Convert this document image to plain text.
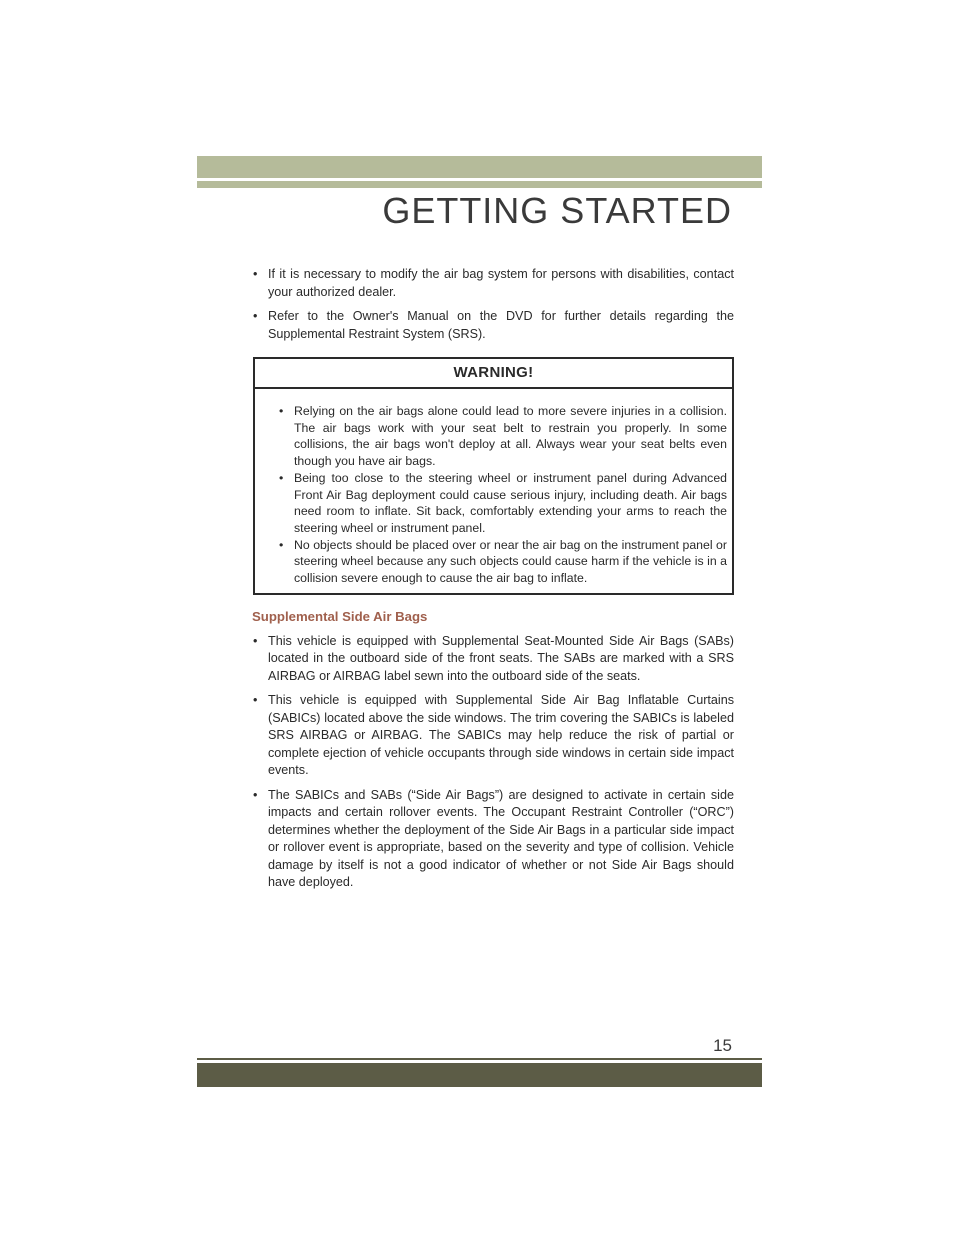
GETTING STARTED
• If it is necessary to modify the air bag system for persons with disabilities, contact your authorized dealer.
• Refer to the Owner's Manual on the DVD for further details regarding the Supplemental Restraint System (SRS).
WARNING!
• Relying on the air bags alone could lead to more severe injuries in a collision. The air bags work with your seat belt to restrain you properly. In some collisions, the air bags won't deploy at all. Always wear your seat belts even though you have air bags.
• Being too close to the steering wheel or instrument panel during Advanced Front Air Bag deployment could cause serious injury, including death. Air bags need room to inflate. Sit back, comfortably extending your arms to reach the steering wheel or instrument panel.
• No objects should be placed over or near the air bag on the instrument panel or steering wheel because any such objects could cause harm if the vehicle is in a collision severe enough to cause the air bag to inflate.
Supplemental Side Air Bags
• This vehicle is equipped with Supplemental Seat-Mounted Side Air Bags (SABs) located in the outboard side of the front seats. The SABs are marked with a SRS AIRBAG or AIRBAG label sewn into the outboard side of the seats.
• This vehicle is equipped with Supplemental Side Air Bag Inflatable Curtains (SABICs) located above the side windows. The trim covering the SABICs is labeled SRS AIRBAG or AIRBAG. The SABICs may help reduce the risk of partial or complete ejection of vehicle occupants through side windows in certain side impact events.
• The SABICs and SABs (“Side Air Bags”) are designed to activate in certain side impacts and certain rollover events. The Occupant Restraint Controller (“ORC”) determines whether the deployment of the Side Air Bags in a particular side impact or rollover event is appropriate, based on the severity and type of collision. Vehicle damage by itself is not a good indicator of whether or not Side Air Bags should have deployed.
15
